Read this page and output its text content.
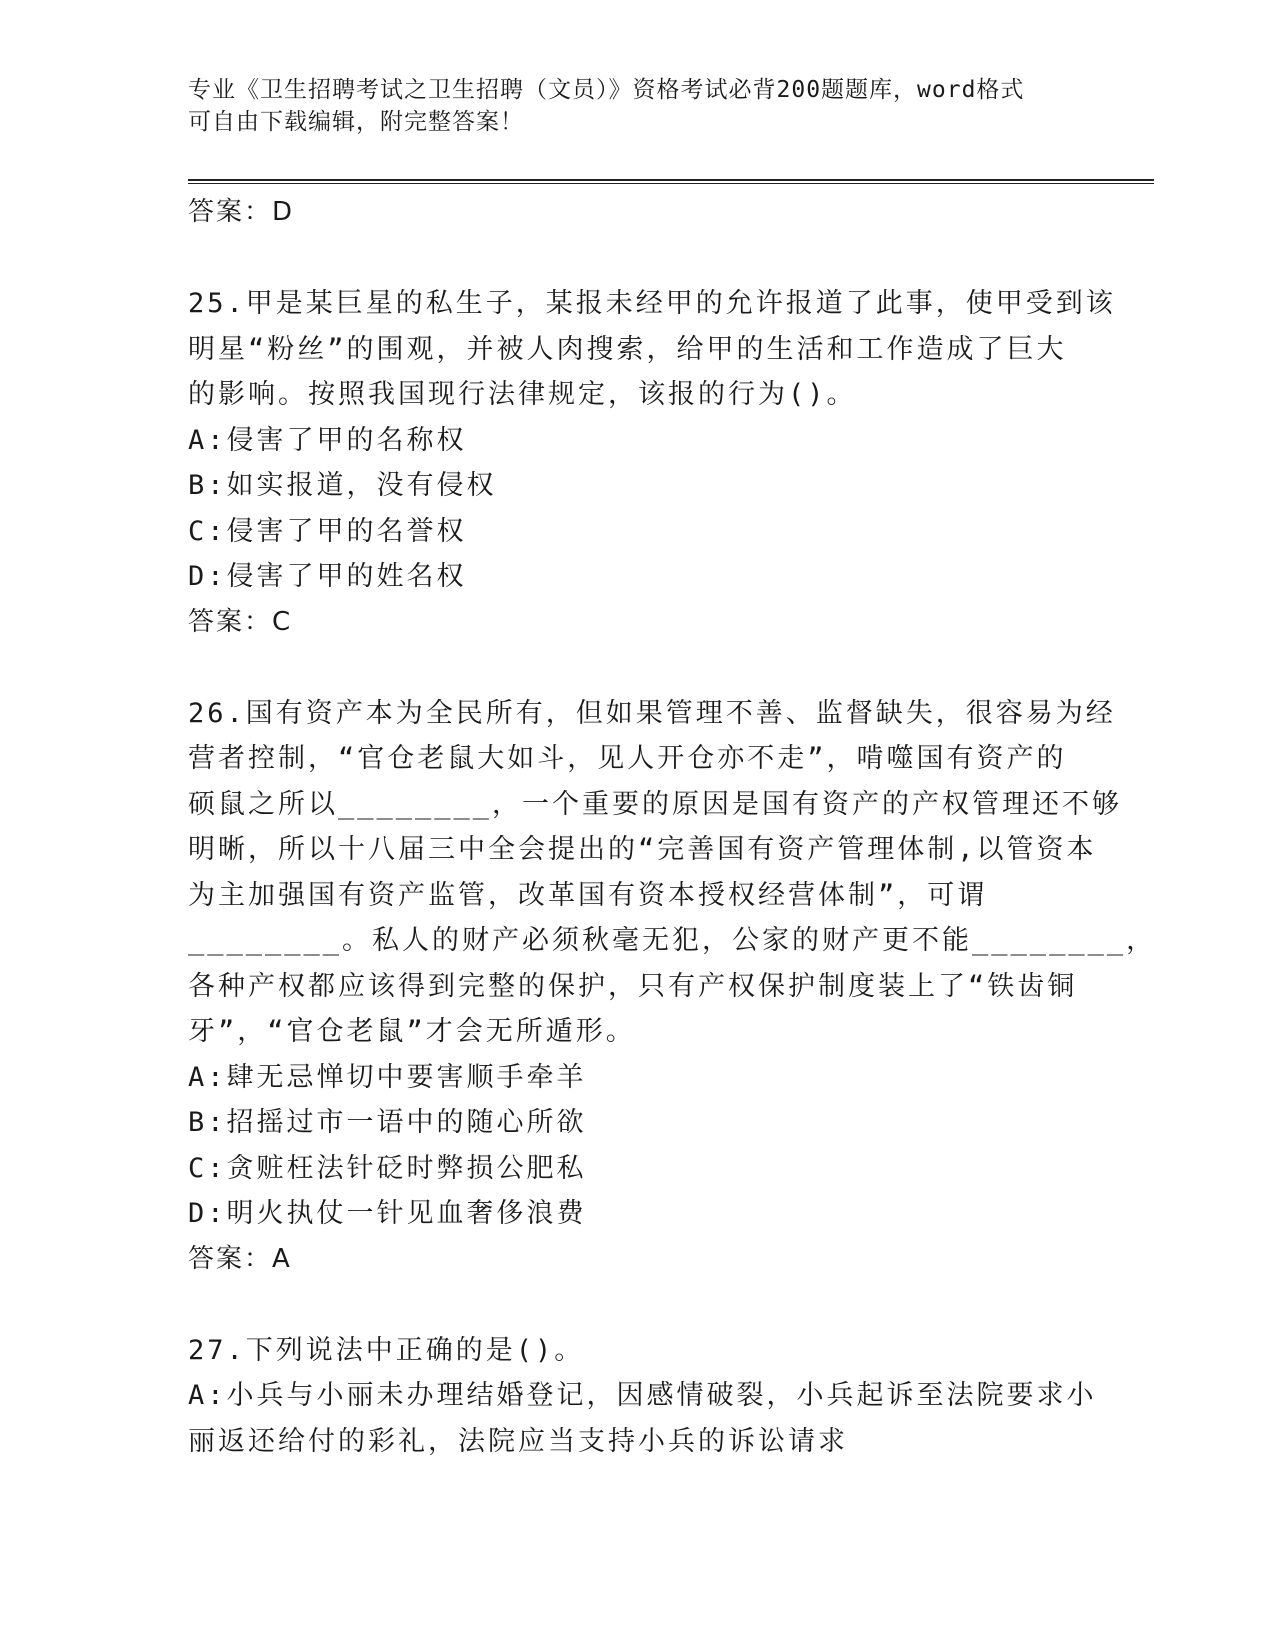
专业《卫生招聘考试之卫生招聘（文员）》资格考试必背200题题库，word格式
可自由下载编辑，附完整答案！
答案：D
25.甲是某巨星的私生子，某报未经甲的允许报道了此事，使甲受到该
明星“粉丝”的围观，并被人肉搜索，给甲的生活和工作造成了巨大
的影响。按照我国现行法律规定，该报的行为()。
A:侵害了甲的名称权
B:如实报道，没有侵权
C:侵害了甲的名誉权
D:侵害了甲的姓名权
答案：C
26.国有资产本为全民所有，但如果管理不善、监督缺失，很容易为经
营者控制，“官仓老鼠大如斗，见人开仓亦不走”，啃噬国有资产的
硕鼠之所以________，一个重要的原因是国有资产的产权管理还不够
明晰，所以十八届三中全会提出的“完善国有资产管理体制,以管资本
为主加强国有资产监管，改革国有资本授权经营体制”，可谓
________。私人的财产必须秋毫无犯，公家的财产更不能________，
各种产权都应该得到完整的保护，只有产权保护制度装上了“铁齿铜
牙”，“官仓老鼠”才会无所遁形。
A:肆无忌惮切中要害顺手牵羊
B:招摇过市一语中的随心所欲
C:贪赃枉法针砭时弊损公肥私
D:明火执仗一针见血奢侈浪费
答案：A
27.下列说法中正确的是()。
A:小兵与小丽未办理结婚登记，因感情破裂，小兵起诉至法院要求小
丽返还给付的彩礼，法院应当支持小兵的诉讼请求
